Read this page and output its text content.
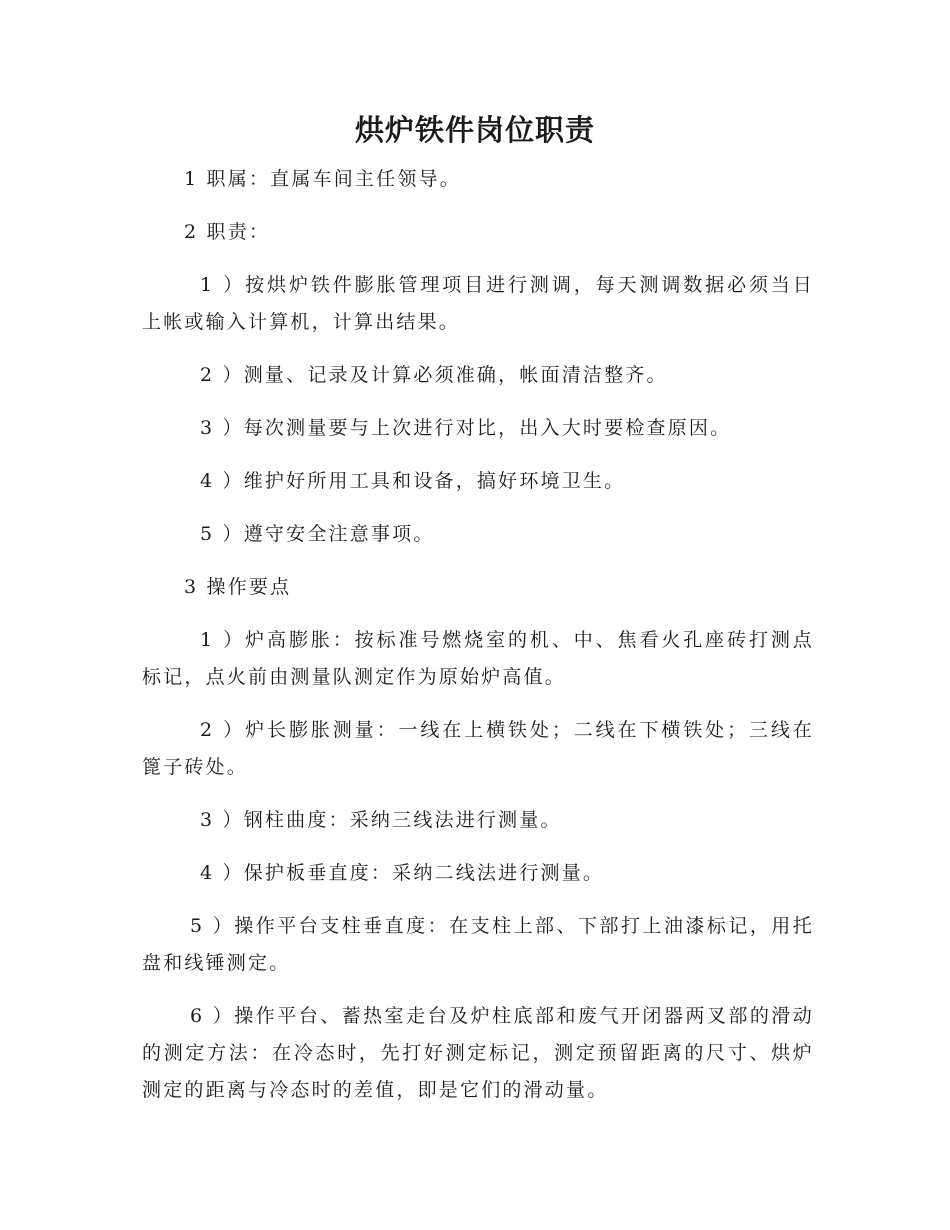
烘炉铁件岗位职责

1 职属：直属车间主任领导。

2 职责：

1 ）按烘炉铁件膨胀管理项目进行测调，每天测调数据必须当日上帐或输入计算机，计算出结果。

2 ）测量、记录及计算必须准确，帐面清洁整齐。

3 ）每次测量要与上次进行对比，出入大时要检查原因。

4 ）维护好所用工具和设备，搞好环境卫生。

5 ）遵守安全注意事项。

3 操作要点

1 ）炉高膨胀：按标准号燃烧室的机、中、焦看火孔座砖打测点标记，点火前由测量队测定作为原始炉高值。

2 ）炉长膨胀测量：一线在上横铁处；二线在下横铁处；三线在篦子砖处。

3 ）钢柱曲度：采纳三线法进行测量。

4 ）保护板垂直度：采纳二线法进行测量。

5 ）操作平台支柱垂直度：在支柱上部、下部打上油漆标记，用托盘和线锤测定。

6 ）操作平台、蓄热室走台及炉柱底部和废气开闭器两叉部的滑动的测定方法：在冷态时，先打好测定标记，测定预留距离的尺寸、烘炉测定的距离与冷态时的差值，即是它们的滑动量。
